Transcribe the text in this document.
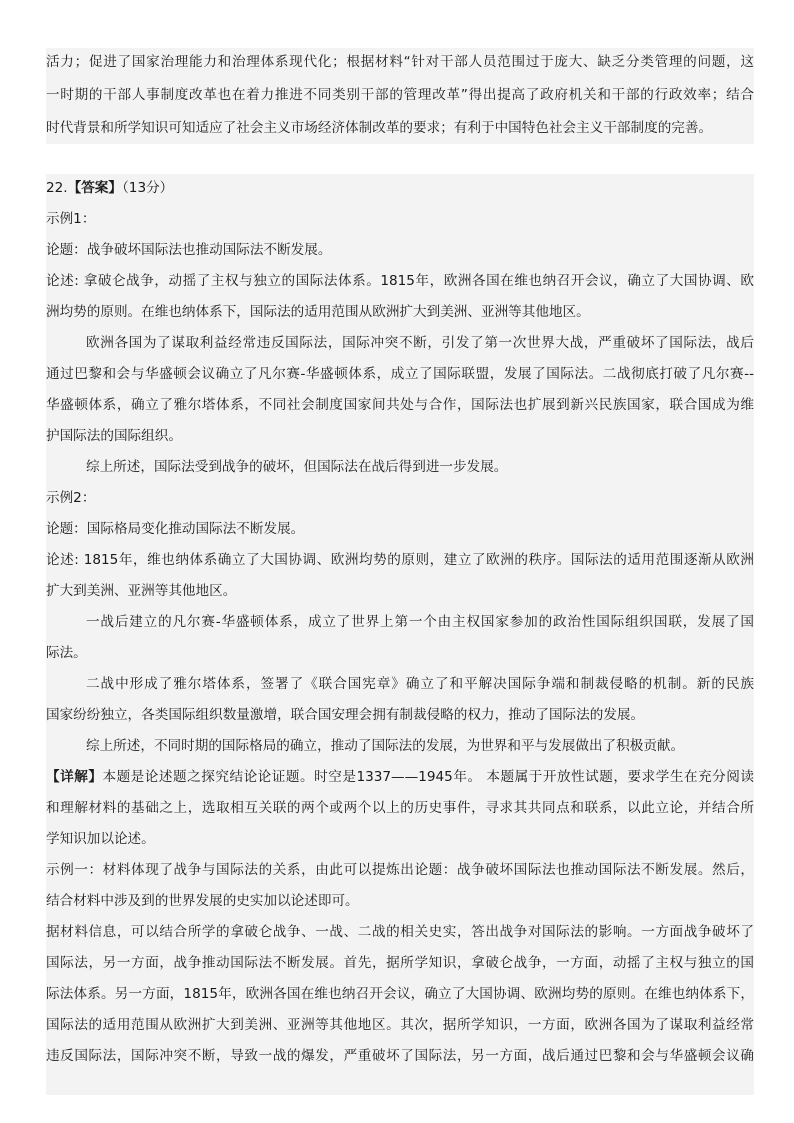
活力；促进了国家治理能力和治理体系现代化；根据材料“针对干部人员范围过于庞大、缺乏分类管理的问题，这
一时期的干部人事制度改革也在着力推进不同类别干部的管理改革”得出提高了政府机关和干部的行政效率；结合
时代背景和所学知识可知适应了社会主义市场经济体制改革的要求；有利于中国特色社会主义干部制度的完善。
22.【答案】（13分）
示例1：
论题：战争破坏国际法也推动国际法不断发展。
论述: 拿破仑战争，动摇了主权与独立的国际法体系。1815年，欧洲各国在维也纳召开会议，确立了大国协调、欧
洲均势的原则。在维也纳体系下，国际法的适用范围从欧洲扩大到美洲、亚洲等其他地区。
欧洲各国为了谋取利益经常违反国际法，国际冲突不断，引发了第一次世界大战，严重破坏了国际法，战后
通过巴黎和会与华盛顿会议确立了凡尔赛-华盛顿体系，成立了国际联盟，发展了国际法。二战彻底打破了凡尔赛--
华盛顿体系，确立了雅尔塔体系，不同社会制度国家间共处与合作，国际法也扩展到新兴民族国家，联合国成为维
护国际法的国际组织。
综上所述，国际法受到战争的破坏，但国际法在战后得到进一步发展。
示例2：
论题：国际格局变化推动国际法不断发展。
论述: 1815年，维也纳体系确立了大国协调、欧洲均势的原则，建立了欧洲的秩序。国际法的适用范围逐渐从欧洲
扩大到美洲、亚洲等其他地区。
一战后建立的凡尔赛-华盛顿体系，成立了世界上第一个由主权国家参加的政治性国际组织国联，发展了国
际法。
二战中形成了雅尔塔体系，签署了《联合国宪章》确立了和平解决国际争端和制裁侵略的机制。新的民族
国家纷纷独立，各类国际组织数量激增，联合国安理会拥有制裁侵略的权力，推动了国际法的发展。
综上所述，不同时期的国际格局的确立，推动了国际法的发展，为世界和平与发展做出了积极贡献。
【详解】本题是论述题之探究结论论证题。时空是1337——1945年。 本题属于开放性试题，要求学生在充分阅读
和理解材料的基础之上，选取相互关联的两个或两个以上的历史事件，寻求其共同点和联系，以此立论，并结合所
学知识加以论述。
示例一：材料体现了战争与国际法的关系，由此可以提炼出论题：战争破坏国际法也推动国际法不断发展。然后，
结合材料中涉及到的世界发展的史实加以论述即可。
据材料信息，可以结合所学的拿破仑战争、一战、二战的相关史实，答出战争对国际法的影响。一方面战争破坏了
国际法，另一方面，战争推动国际法不断发展。首先，据所学知识，拿破仑战争，一方面，动摇了主权与独立的国
际法体系。另一方面，1815年，欧洲各国在维也纳召开会议，确立了大国协调、欧洲均势的原则。在维也纳体系下，
国际法的适用范围从欧洲扩大到美洲、亚洲等其他地区。其次，据所学知识，一方面，欧洲各国为了谋取利益经常
违反国际法，国际冲突不断，导致一战的爆发，严重破坏了国际法，另一方面，战后通过巴黎和会与华盛顿会议确
